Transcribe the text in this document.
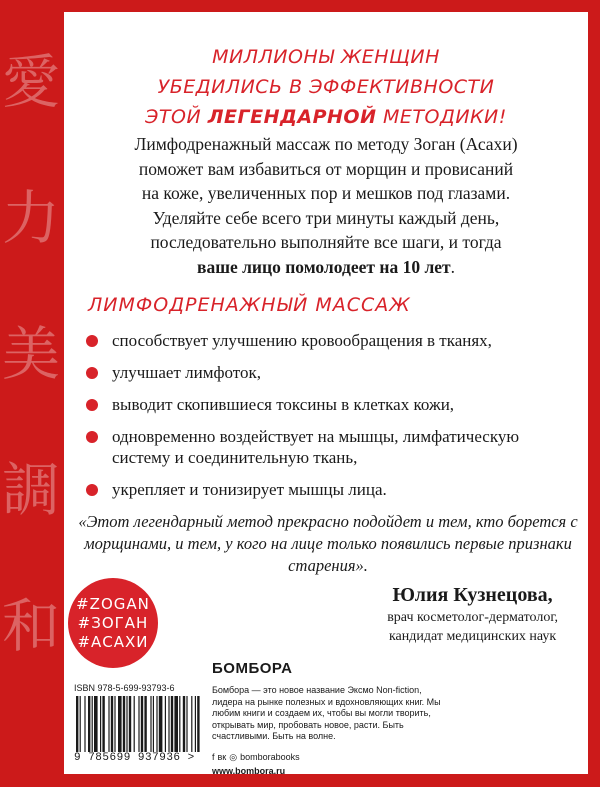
愛
力
美
調
和
МИЛЛИОНЫ ЖЕНЩИН
УБЕДИЛИСЬ В ЭФФЕКТИВНОСТИ
ЭТОЙ ЛЕГЕНДАРНОЙ МЕТОДИКИ!
Лимфодренажный массаж по методу Зоган (Асахи)
поможет вам избавиться от морщин и провисаний
на коже, увеличенных пор и мешков под глазами.
Уделяйте себе всего три минуты каждый день,
последовательно выполняйте все шаги, и тогда
ваше лицо помолодеет на 10 лет.
ЛИМФОДРЕНАЖНЫЙ МАССАЖ
способствует улучшению кровообращения в тканях,
улучшает лимфоток,
выводит скопившиеся токсины в клетках кожи,
одновременно воздействует на мышцы, лимфатическую систему и соединительную ткань,
укрепляет и тонизирует мышцы лица.
«Этот легендарный метод прекрасно подойдет и тем, кто борется с морщинами, и тем, у кого на лице только появились первые признаки старения».
#ZOGAN
#ЗОГАН
#АСАХИ
Юлия Кузнецова,
врач косметолог-дерматолог,
кандидат медицинских наук
ISBN 978-5-699-93793-6
9 785699 937936 >
БОМБОРА
Бомбора — это новое название Эксмо Non-fiction, лидера на рынке полезных и вдохновляющих книг. Мы любим книги и создаем их, чтобы вы могли творить, открывать мир, пробовать новое, расти. Быть счастливыми. Быть на волне.
f вк ◎ bomborabooks
www.bombora.ru
